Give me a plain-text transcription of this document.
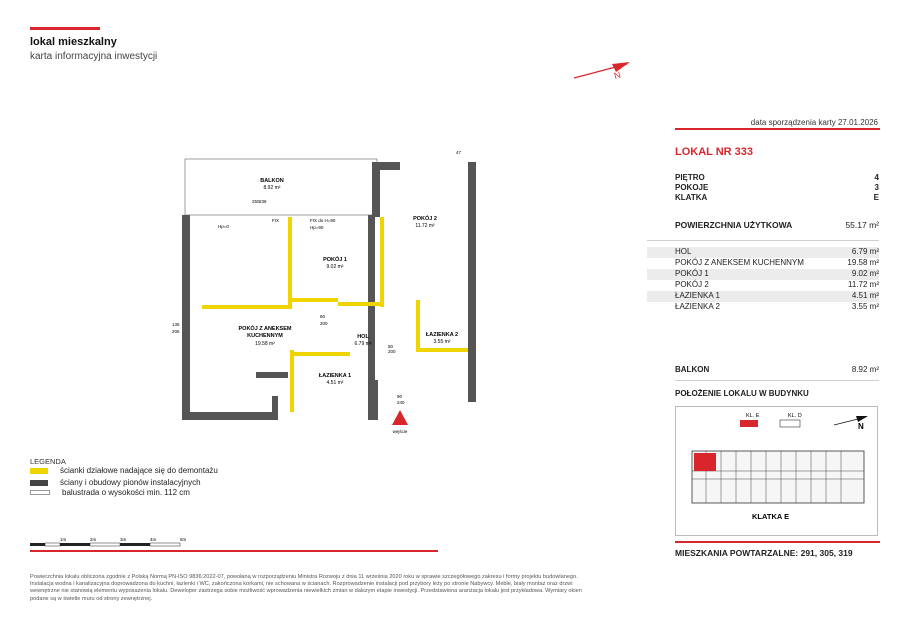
lokal mieszkalny
karta informacyjna inwestycji
N
data sporządzenia karty 27.01.2026
LOKAL NR 333
PIĘTRO	4
POKOJE	3
KLATKA	E
POWIERZCHNIA UŻYTKOWA	55.17 m²
HOL	6.79 m²
POKÓJ Z ANEKSEM KUCHENNYM	19.58 m²
POKÓJ 1	9.02 m²
POKÓJ 2	11.72 m²
ŁAZIENKA 1	4.51 m²
ŁAZIENKA 2	3.55 m²
BALKON	8.92 m²
POŁOŻENIE LOKALU W BUDYNKU
KL. E	KL. D
N
KLATKA E
MIESZKANIA POWTARZALNE: 291, 305, 319
BALKON
8.92 m²
POKÓJ 2
11.72 m²
POKÓJ 1
9.02 m²
POKÓJ Z ANEKSEM
KUCHENNYM
19.58 m²
HOL
6.79 m²
ŁAZIENKA 2
3.55 m²
ŁAZIENKA 1
4.51 m²
250 236
FIX	FIX do H=90
Hp=0	Hp=90
135
206
80
200
80
200
90
240
47
wejście
LEGENDA
ścianki działowe nadające się do demontażu
ściany i obudowy pionów instalacyjnych
balustrada o wysokości min. 112 cm
1m	2m	3m	4m	5m
Powierzchnia lokalu obliczona zgodnie z Polską Normą PN-ISO 9836:2022-07, powołaną w rozporządzeniu Ministra Rozwoju z dnia 11 września 2020 roku w sprawie szczegółowego zakresu i formy projektu budowlanego. Instalacja wodna i kanalizacyjna doprowadzona do kuchni, łazienki i WC, zakończona korkami, nie schowana w ścianach. Rozprowadzenie instalacji pod przybory leży po stronie Nabywcy. Meble, biały montaż oraz drzwi wewnętrzne nie stanowią elementu wyposażenia lokalu. Deweloper zastrzega sobie możliwość wprowadzenia niewielkich zmian w dalszym etapie inwestycji. Przedstawiona aranżacja lokalu jest przykładowa. Wymiary okien podane są w świetle muru od strony zewnętrznej.
